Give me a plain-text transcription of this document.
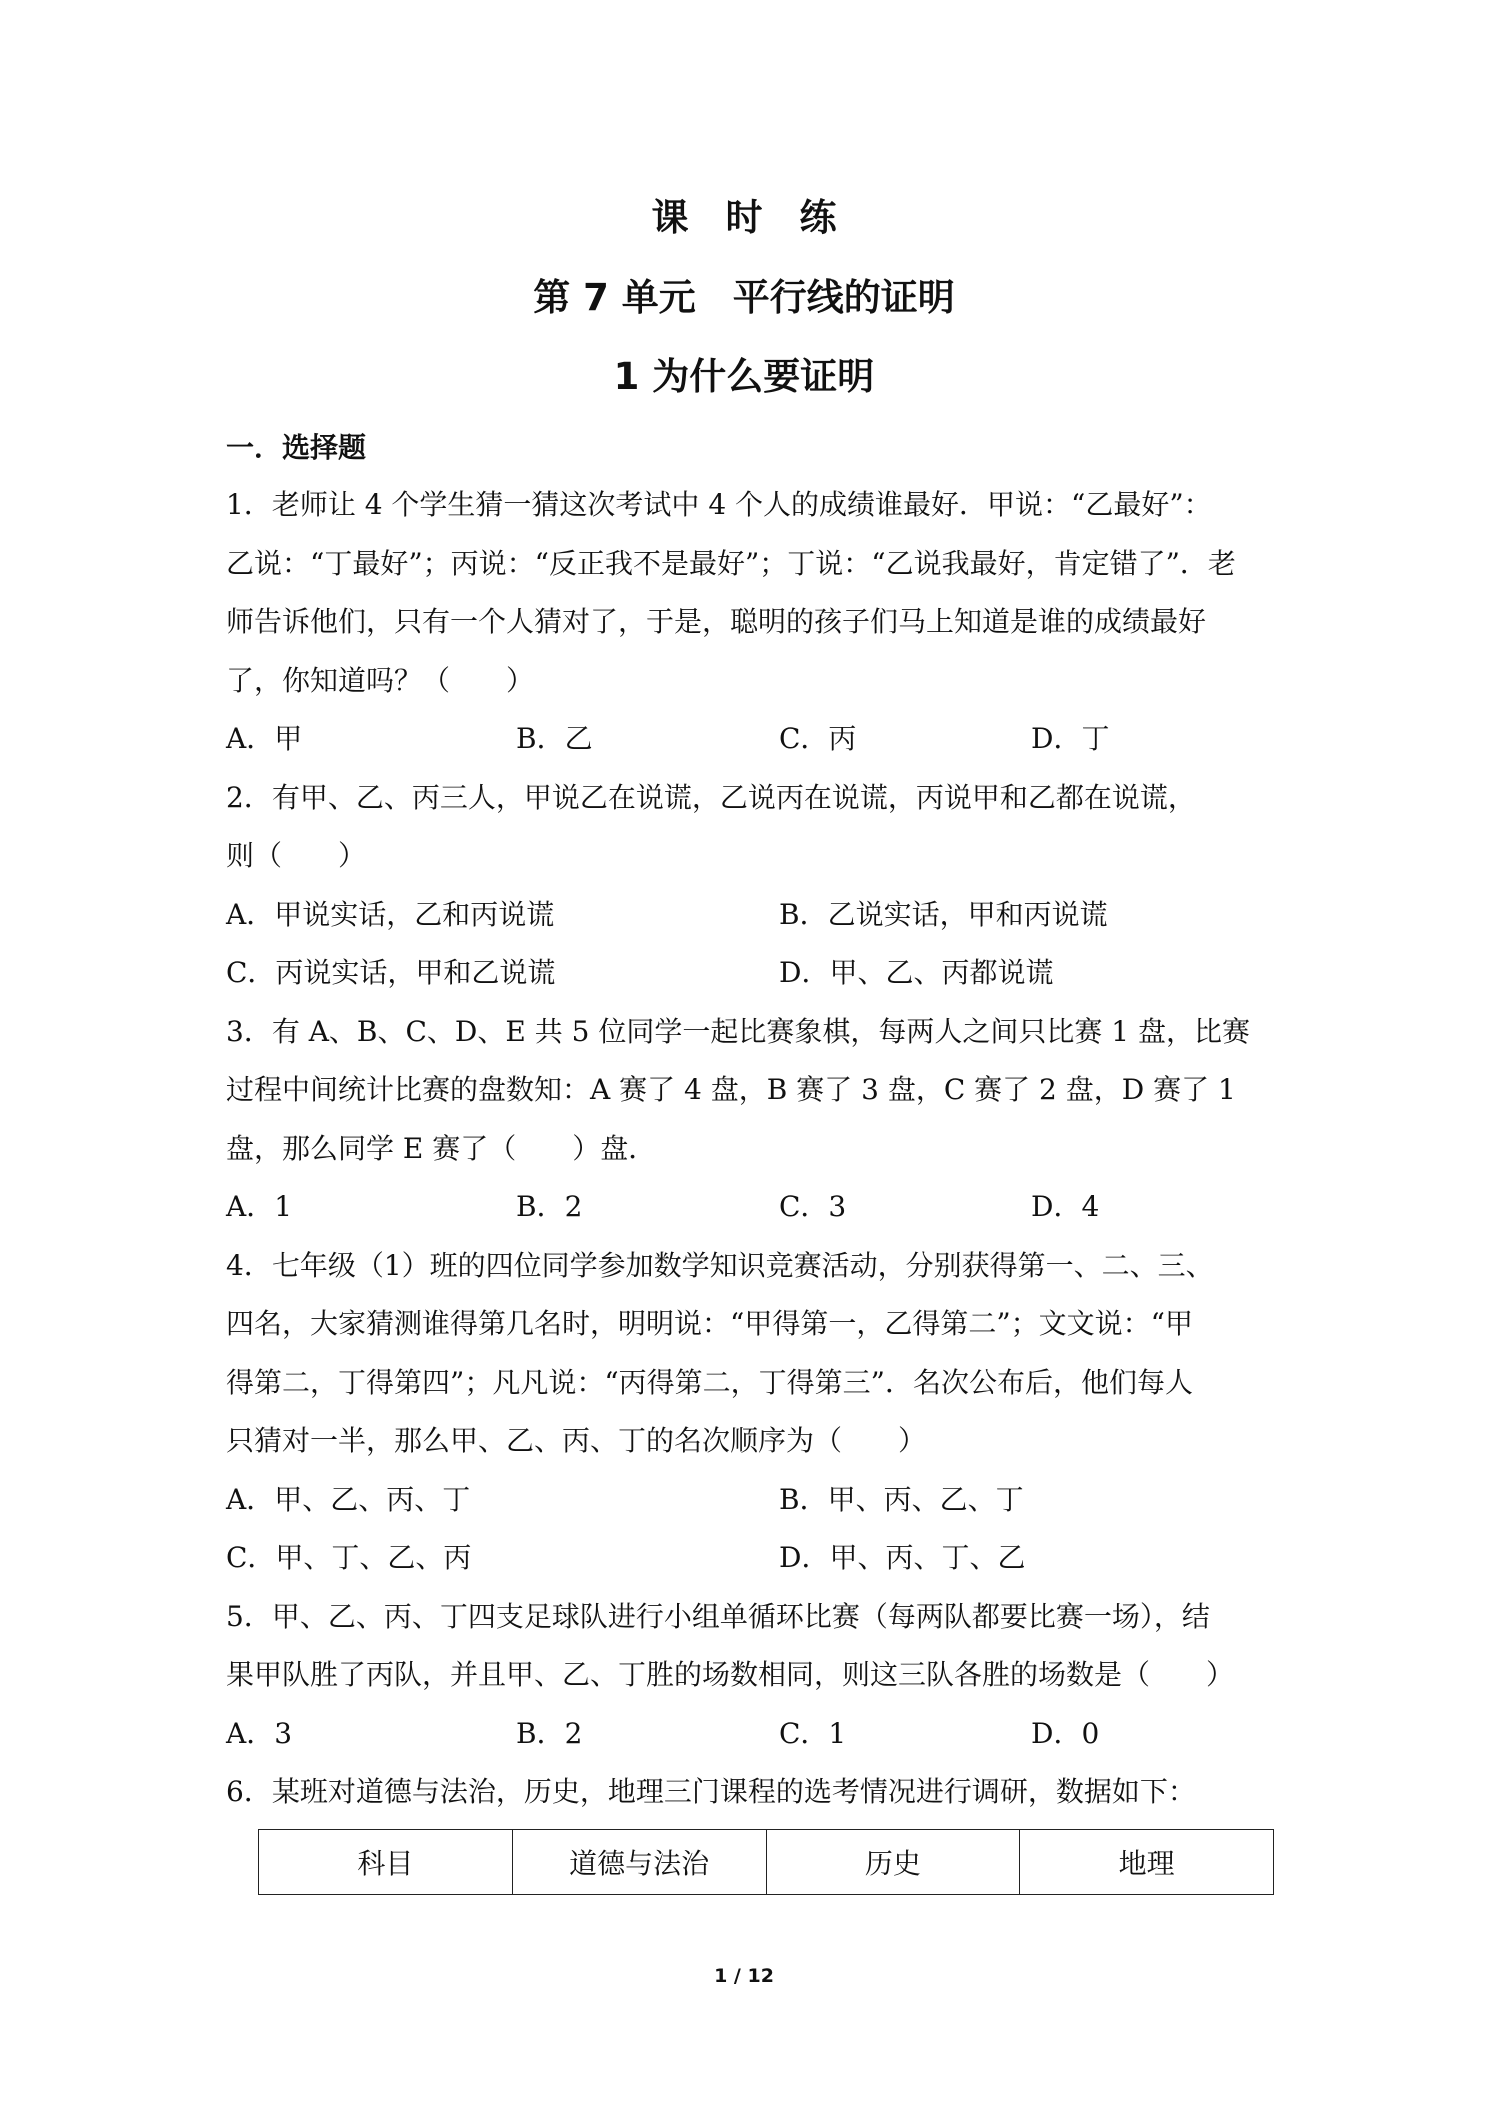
课　时　练
第 7 单元　平行线的证明
1 为什么要证明
一．选择题
1．老师让 4 个学生猜一猜这次考试中 4 个人的成绩谁最好．甲说：“乙最好”：
乙说：“丁最好”；丙说：“反正我不是最好”；丁说：“乙说我最好，肯定错了”．老
师告诉他们，只有一个人猜对了，于是，聪明的孩子们马上知道是谁的成绩最好
了，你知道吗？（　　）
A．甲	B．乙	C．丙	D．丁
2．有甲、乙、丙三人，甲说乙在说谎，乙说丙在说谎，丙说甲和乙都在说谎，
则（　　）
A．甲说实话，乙和丙说谎	B．乙说实话，甲和丙说谎
C．丙说实话，甲和乙说谎	D．甲、乙、丙都说谎
3．有 A、B、C、D、E 共 5 位同学一起比赛象棋，每两人之间只比赛 1 盘，比赛
过程中间统计比赛的盘数知：A 赛了 4 盘，B 赛了 3 盘，C 赛了 2 盘，D 赛了 1
盘，那么同学 E 赛了（　　）盘．
A．1	B．2	C．3	D．4
4．七年级（1）班的四位同学参加数学知识竞赛活动，分别获得第一、二、三、
四名，大家猜测谁得第几名时，明明说：“甲得第一，乙得第二”；文文说：“甲
得第二，丁得第四”；凡凡说：“丙得第二，丁得第三”．名次公布后，他们每人
只猜对一半，那么甲、乙、丙、丁的名次顺序为（　　）
A．甲、乙、丙、丁	B．甲、丙、乙、丁
C．甲、丁、乙、丙	D．甲、丙、丁、乙
5．甲、乙、丙、丁四支足球队进行小组单循环比赛（每两队都要比赛一场），结
果甲队胜了丙队，并且甲、乙、丁胜的场数相同，则这三队各胜的场数是（　　）
A．3	B．2	C．1	D．0
6．某班对道德与法治，历史，地理三门课程的选考情况进行调研，数据如下：
科目	道德与法治	历史	地理
1 / 12
